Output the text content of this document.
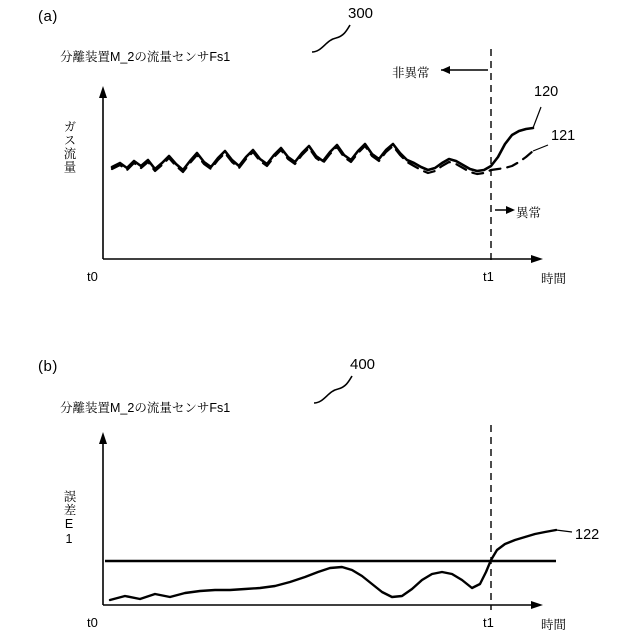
(a)	300
分離装置M_2の流量センサFs1
ガス流量
時間
t0	t1
非異常
異常
120
121
(b)	400
分離装置M_2の流量センサFs1
誤差E1
時間
t0	t1
122
